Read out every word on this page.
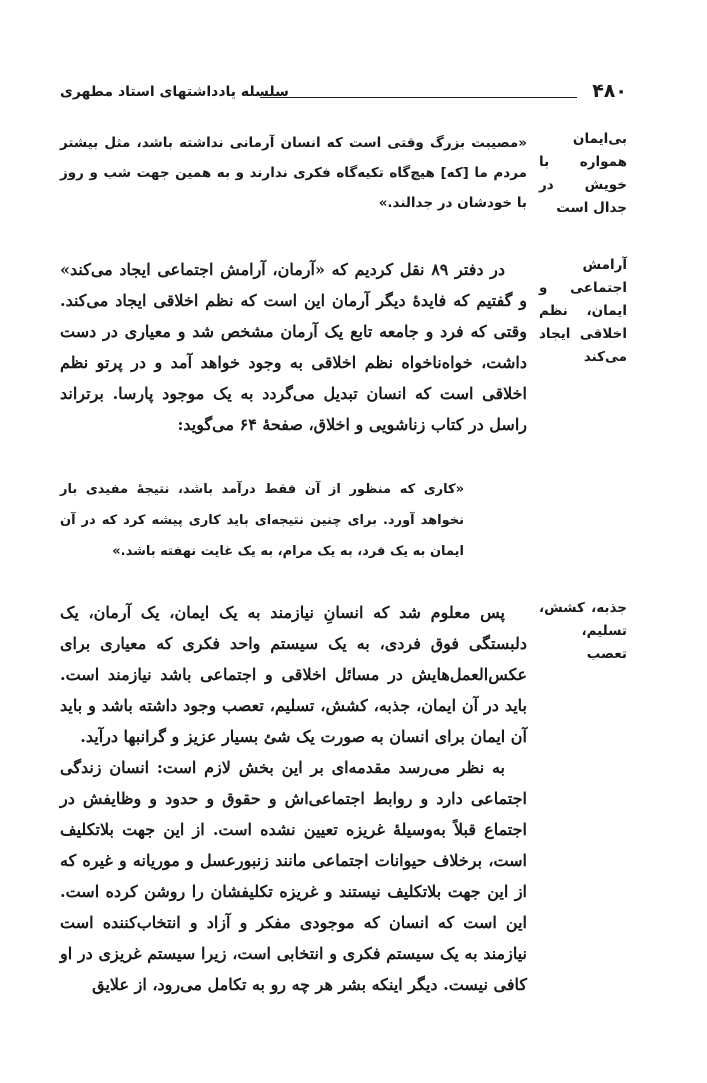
۴۸۰
سلسله یادداشتهای استاد مطهری
بی‌ایمان همواره با خویش در جدال است
«مصیبت بزرگ وقتی است که انسان آرمانی نداشته باشد، مثل بیشتر مردم ما [که] هیچ‌گاه تکیه‌گاه فکری ندارند و به همین جهت شب و روز با خودشان در جدالند.»
آرامش اجتماعی و ایمان، نظم اخلاقی ایجاد می‌کند

در دفتر ۸۹ نقل کردیم که «آرمان، آرامش اجتماعی ایجاد می‌کند» و گفتیم که فایدهٔ دیگر آرمان این است که نظم اخلاقی ایجاد می‌کند. وقتی که فرد و جامعه تابع یک آرمان مشخص شد و معیاری در دست داشت، خواه‌ناخواه نظم اخلاقی به وجود خواهد آمد و در پرتو نظم اخلاقی است که انسان تبدیل می‌گردد به یک موجود پارسا. برتراند راسل در کتاب زناشویی و اخلاق، صفحهٔ ۶۴ می‌گوید:

«کاری که منظور از آن فقط درآمد باشد، نتیجهٔ مفیدی بار نخواهد آورد. برای چنین نتیجه‌ای باید کاری پیشه کرد که در آن ایمان به یک فرد، به یک مرام، به یک غایت نهفته باشد.»
جذبه، کشش، تسلیم، تعصب

پس معلوم شد که انسانِ نیازمند به یک ایمان، یک آرمان، یک دلبستگی فوق فردی، به یک سیستم واحد فکری که معیاری برای عکس‌العمل‌هایش در مسائل اخلاقی و اجتماعی باشد نیازمند است. باید در آن ایمان، جذبه، کشش، تسلیم، تعصب وجود داشته باشد و باید آن ایمان برای انسان به صورت یک شئ بسیار عزیز و گرانبها درآید.

به نظر می‌رسد مقدمه‌ای بر این بخش لازم است: انسان زندگی اجتماعی دارد و روابط اجتماعی‌اش و حقوق و حدود و وظایفش در اجتماع قبلاً به‌وسیلهٔ غریزه تعیین نشده است. از این جهت بلاتکلیف است، برخلاف حیوانات اجتماعی مانند زنبورعسل و موریانه و غیره که از این جهت بلاتکلیف نیستند و غریزه تکلیفشان را روشن کرده است. این است که انسان که موجودی مفکر و آزاد و انتخاب‌کننده است نیازمند به یک سیستم فکری و انتخابی است، زیرا سیستم غریزی در او کافی نیست. دیگر اینکه بشر هر چه رو به تکامل می‌رود، از علایق
